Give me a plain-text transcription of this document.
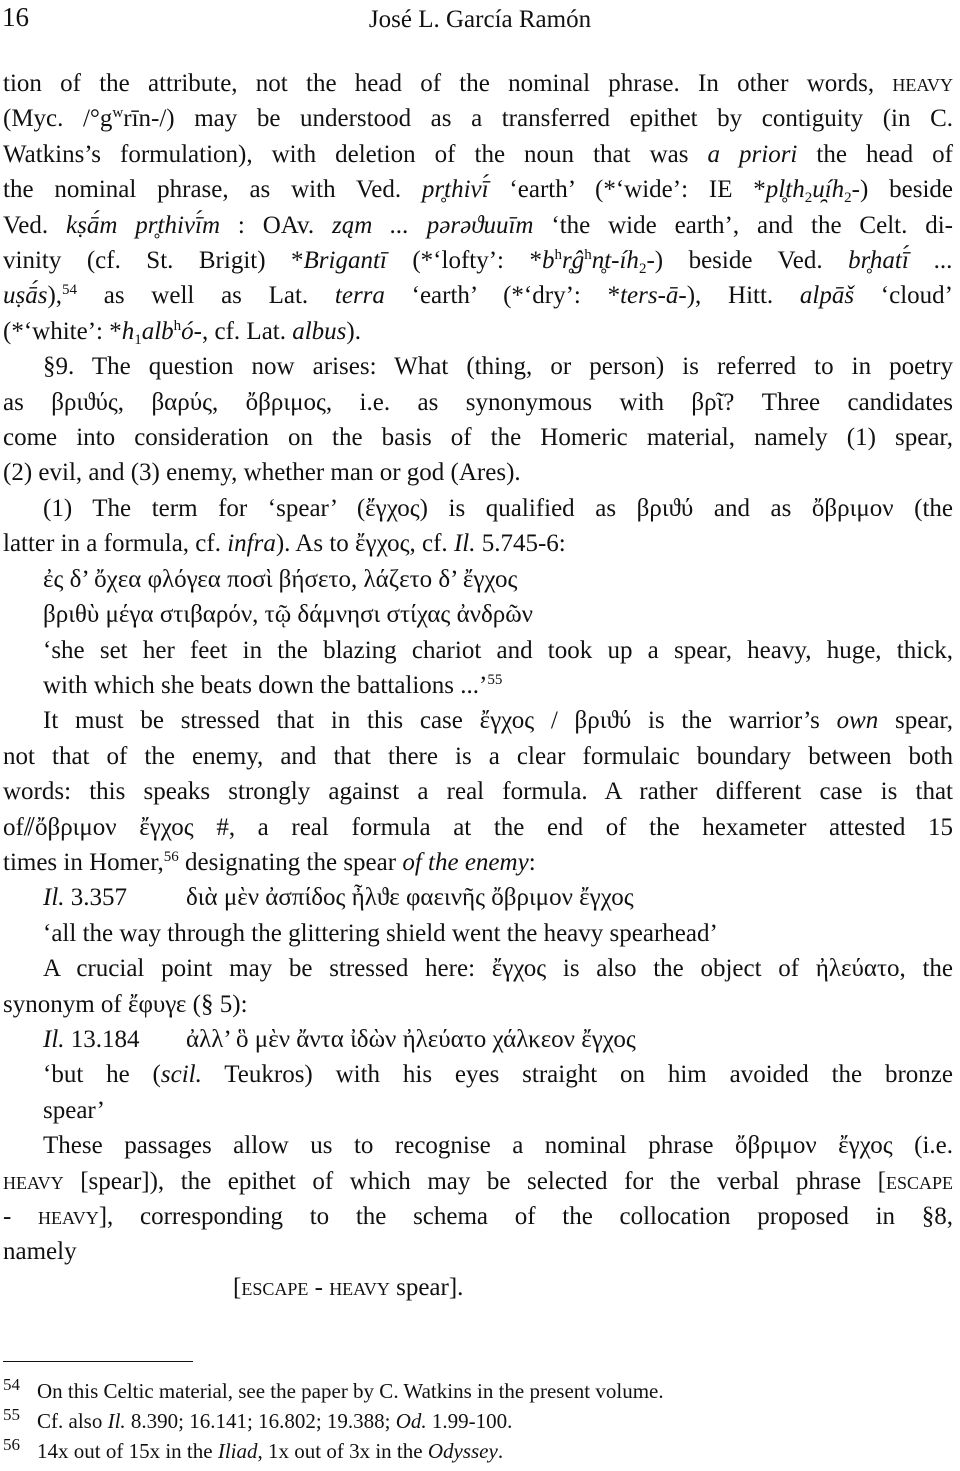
16	José L. García Ramón

tion of the attribute, not the head of the nominal phrase. In other words, heavy

(Myc. $/^\circ g^wrīn-/$) may be understood as a transferred epithet by contiguity (in C.

Watkins’s formulation), with deletion of the noun that was a priori the head of

the nominal phrase, as with Ved. pr̥thivī́ ‘earth’ (*‘wide’: IE $*pl̥th_2u̯íh_2-$) beside

Ved. kṣā́m pr̥thivī́m : OAv. ząm ... pərəϑuuīm ‘the wide earth’, and the Celt. di-

vinity (cf. St. Brigit) *Brigantī (*‘lofty’: $*b^hr̥ĝ^hn̥t-íh_2-$) beside Ved. br̥hatī́ ...

uṣā́s),$^{54}$ as well as Lat. terra ‘earth’ (*‘dry’: *ters-ā-), Hitt. alpāš ‘cloud’

(*‘white’: $*h_1alb^hó-$, cf. Lat. albus).

§9. The question now arises: What (thing, or person) is referred to in poetry

as βριϑύς, βαρύς, ὄβριμος, i.e. as synonymous with βρῖ? Three candidates

come into consideration on the basis of the Homeric material, namely (1) spear,

(2) evil, and (3) enemy, whether man or god (Ares).

(1) The term for ‘spear’ (ἔγχος) is qualified as βριϑύ and as ὄβριμον (the

latter in a formula, cf. infra). As to ἔγχος, cf. Il. 5.745-6:

ἐς δ’ ὄχεα φλόγεα ποσὶ βήσετο, λάζετο δ’ ἔγχος

βριθὺ μέγα στιβαρόν, τῷ δάμνησι στίχας ἀνδρῶν

‘she set her feet in the blazing chariot and took up a spear, heavy, huge, thick,

with which she beats down the battalions ...’$^{55}$

It must be stressed that in this case ἔγχος / βριϑύ is the warrior’s own spear,

not that of the enemy, and that there is a clear formulaic boundary between both

words: this speaks strongly against a real formula. A rather different case is that

of⫽ὄβριμον ἔγχος #, a real formula at the end of the hexameter attested 15

times in Homer,$^{56}$ designating the spear of the enemy:

Il. 3.357 διὰ μὲν ἀσπίδος ἦλϑε φαεινῆς ὄβριμον ἔγχος

‘all the way through the glittering shield went the heavy spearhead’

A crucial point may be stressed here: ἔγχος is also the object of ἠλεύατο, the

synonym of ἔφυγε (§ 5):

Il. 13.184 ἀλλ’ ὃ μὲν ἄντα ἰδὼν ἠλεύατο χάλκεον ἔγχος

‘but he (scil. Teukros) with his eyes straight on him avoided the bronze

spear’

These passages allow us to recognise a nominal phrase ὄβριμον ἔγχος (i.e.

heavy [spear]), the epithet of which may be selected for the verbal phrase [escape

- heavy], corresponding to the schema of the collocation proposed in §8,

namely

[escape - heavy spear].

54 On this Celtic material, see the paper by C. Watkins in the present volume.
55 Cf. also Il. 8.390; 16.141; 16.802; 19.388; Od. 1.99-100.
56 14x out of 15x in the Iliad, 1x out of 3x in the Odyssey.
